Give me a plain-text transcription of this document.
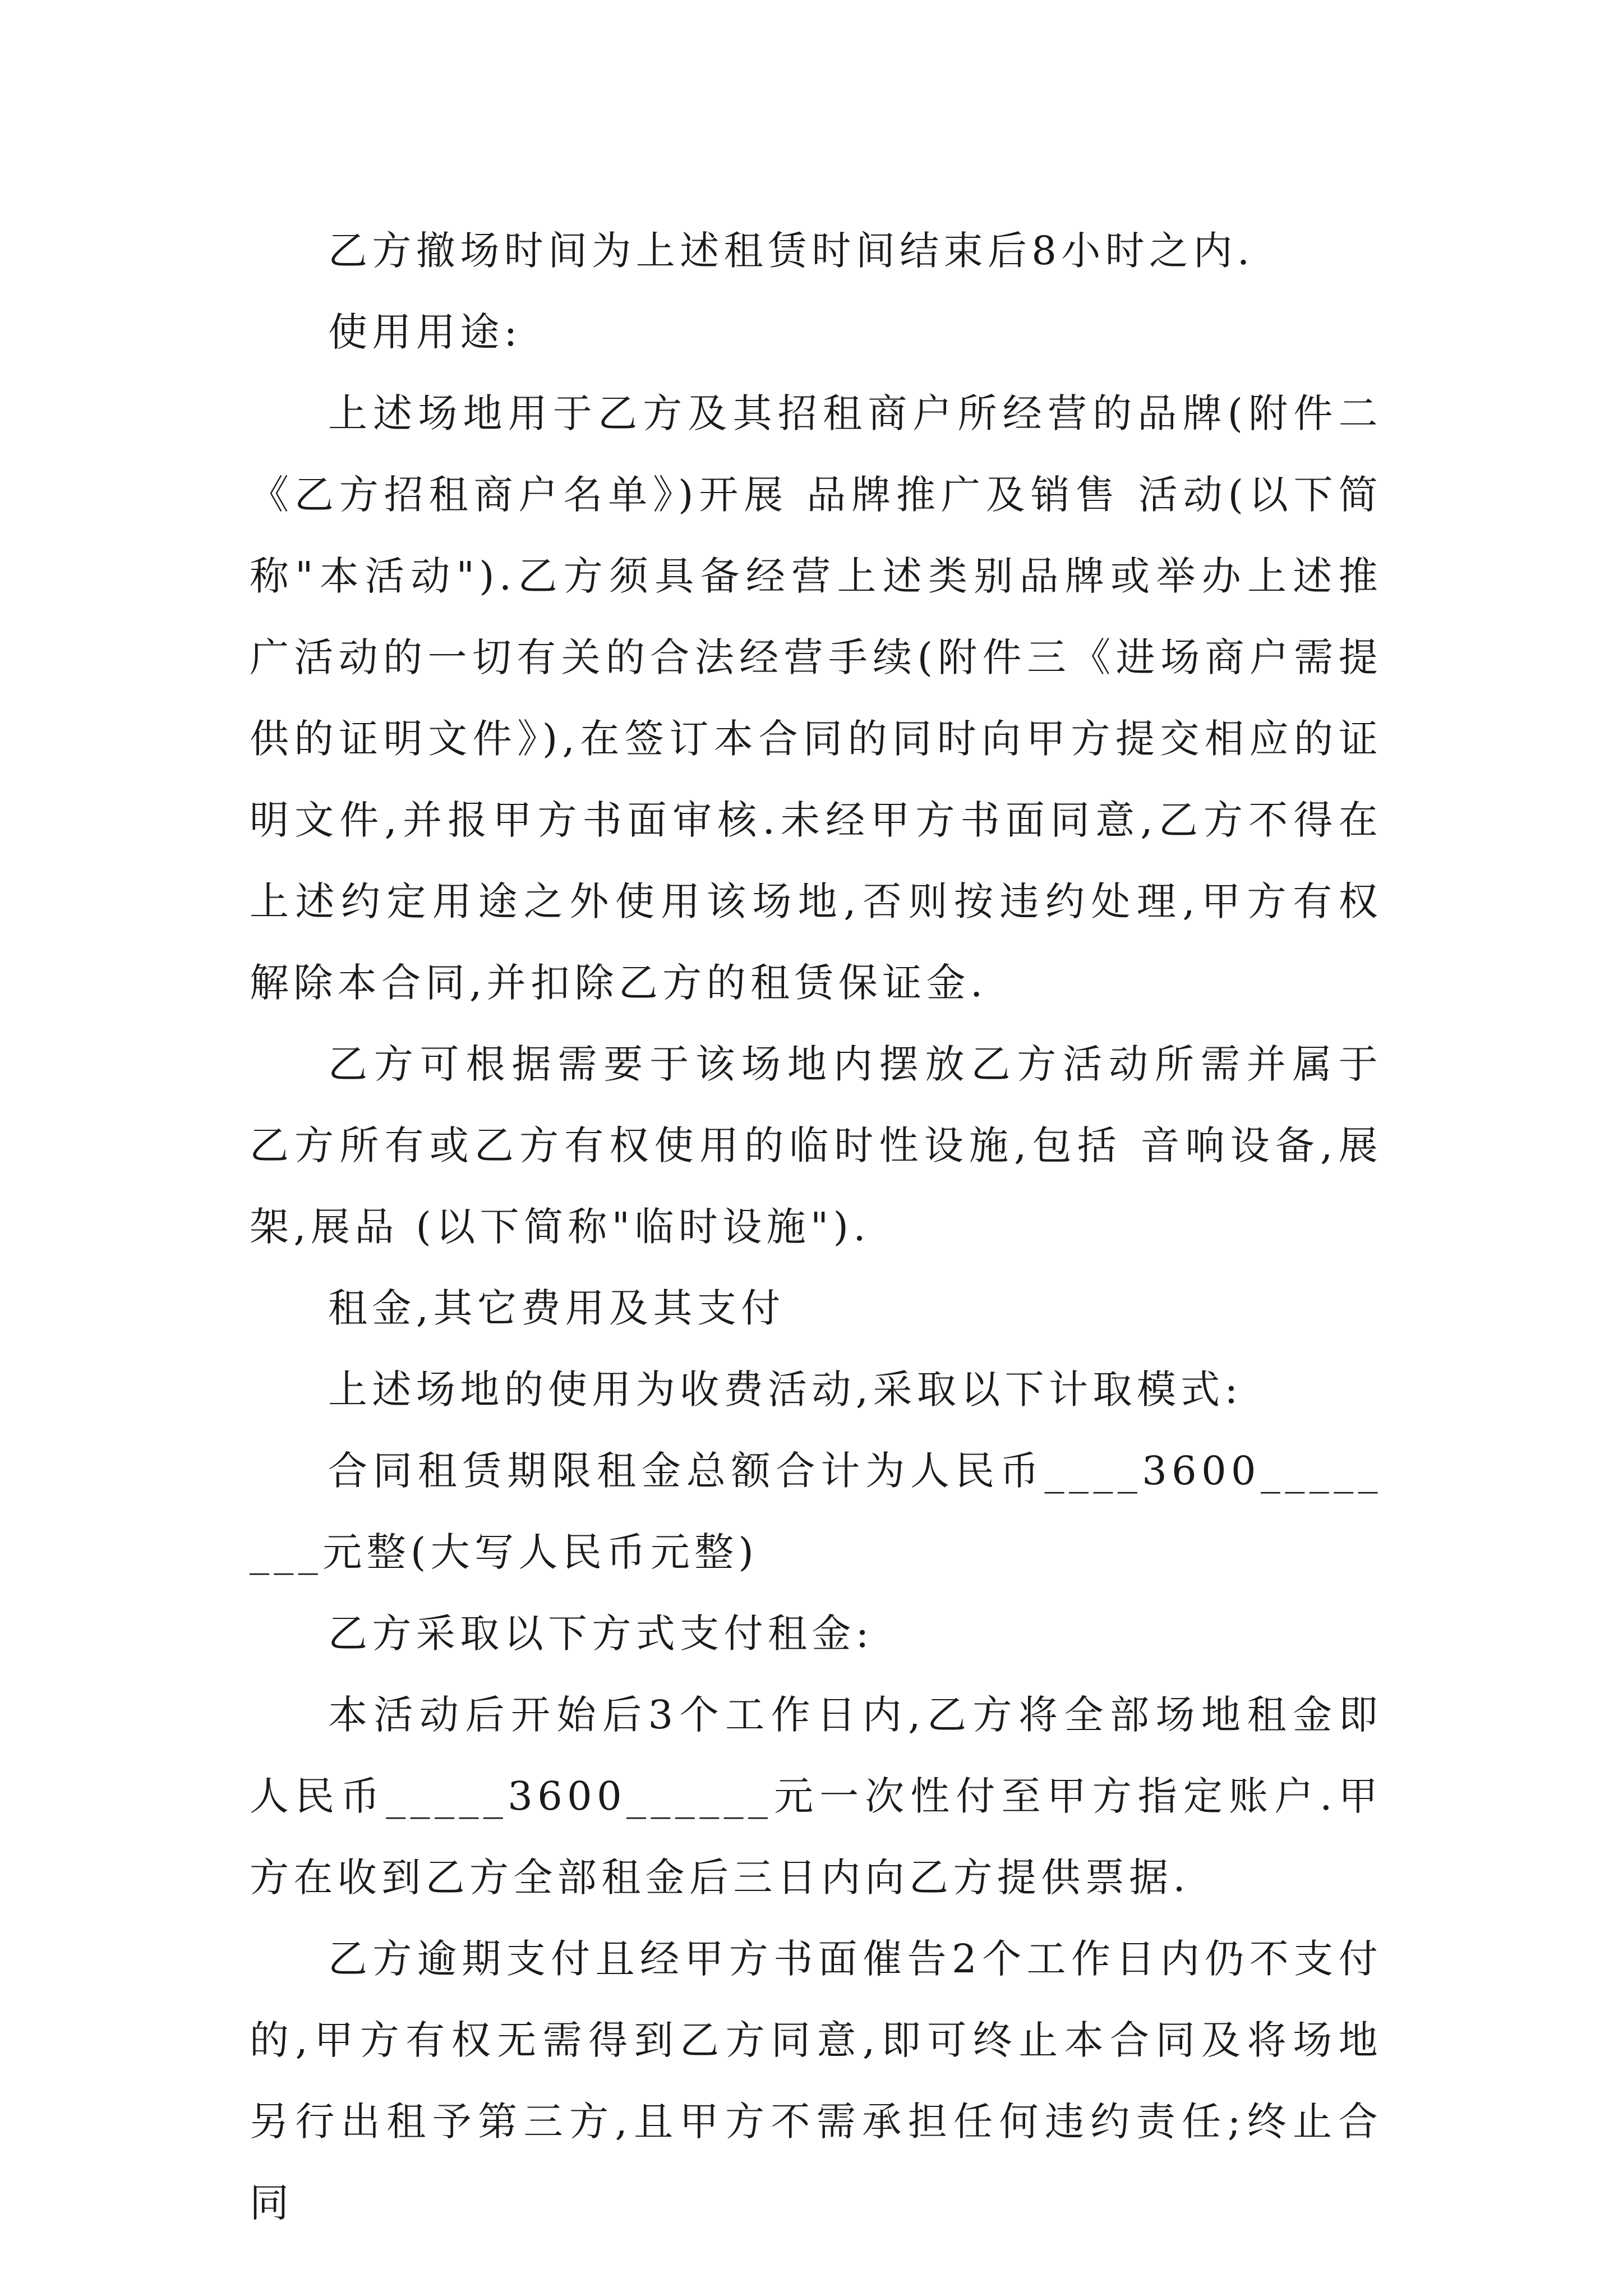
乙方撤场时间为上述租赁时间结束后8小时之内.

使用用途:

上述场地用于乙方及其招租商户所经营的品牌(附件二《乙方招租商户名单》)开展 品牌推广及销售 活动(以下简称"本活动").乙方须具备经营上述类别品牌或举办上述推广活动的一切有关的合法经营手续(附件三《进场商户需提供的证明文件》),在签订本合同的同时向甲方提交相应的证明文件,并报甲方书面审核.未经甲方书面同意,乙方不得在上述约定用途之外使用该场地,否则按违约处理,甲方有权解除本合同,并扣除乙方的租赁保证金.

乙方可根据需要于该场地内摆放乙方活动所需并属于乙方所有或乙方有权使用的临时性设施,包括 音响设备,展架,展品 (以下简称"临时设施").

租金,其它费用及其支付

上述场地的使用为收费活动,采取以下计取模式:

合同租赁期限租金总额合计为人民币____3600________元整(大写人民币元整)

乙方采取以下方式支付租金:

本活动后开始后3个工作日内,乙方将全部场地租金即人民币_____3600______元一次性付至甲方指定账户.甲方在收到乙方全部租金后三日内向乙方提供票据.

乙方逾期支付且经甲方书面催告2个工作日内仍不支付的,甲方有权无需得到乙方同意,即可终止本合同及将场地另行出租予第三方,且甲方不需承担任何违约责任;终止合同
